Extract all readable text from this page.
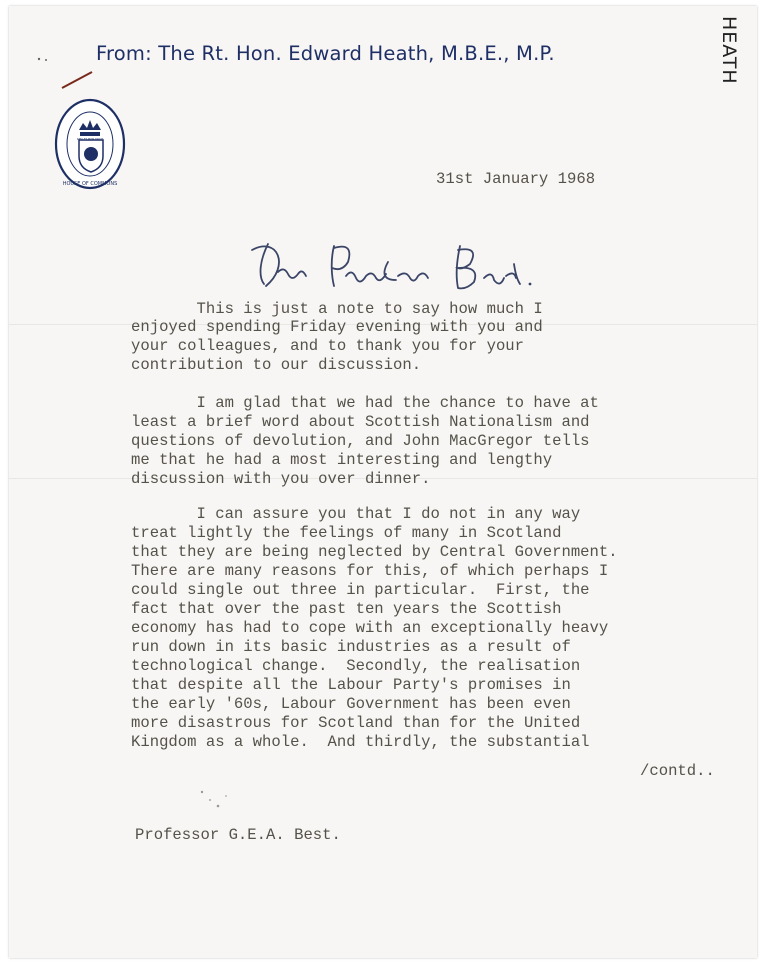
From: The Rt. Hon. Edward Heath, M.B.E., M.P.	HEATH
HOUSE OF COMMONS
DIEU ET MON DROIT
31st January 1968
Dear Professor Best.
This is just a note to say how much I
enjoyed spending Friday evening with you and
your colleagues, and to thank you for your
contribution to our discussion.
I am glad that we had the chance to have at
least a brief word about Scottish Nationalism and
questions of devolution, and John MacGregor tells
me that he had a most interesting and lengthy
discussion with you over dinner.
I can assure you that I do not in any way
treat lightly the feelings of many in Scotland
that they are being neglected by Central Government.
There are many reasons for this, of which perhaps I
could single out three in particular.  First, the
fact that over the past ten years the Scottish
economy has had to cope with an exceptionally heavy
run down in its basic industries as a result of
technological change.  Secondly, the realisation
that despite all the Labour Party's promises in
the early '60s, Labour Government has been even
more disastrous for Scotland than for the United
Kingdom as a whole.  And thirdly, the substantial
/contd..
Professor G.E.A. Best.
